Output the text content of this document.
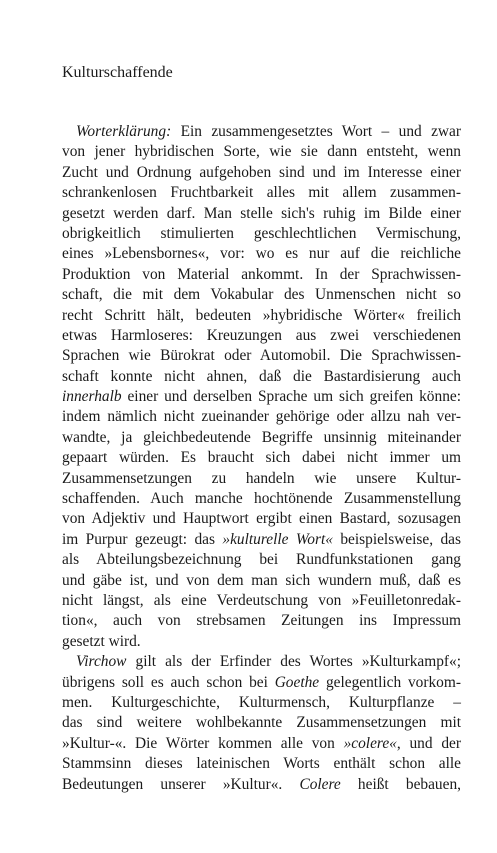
Kulturschaffende

Worterklärung: Ein zusammengesetztes Wort – und zwar
von jener hybridischen Sorte, wie sie dann entsteht, wenn
Zucht und Ordnung aufgehoben sind und im Interesse einer
schrankenlosen Fruchtbarkeit alles mit allem zusammen-
gesetzt werden darf. Man stelle sich's ruhig im Bilde einer
obrigkeitlich stimulierten geschlechtlichen Vermischung,
eines »Lebensbornes«, vor: wo es nur auf die reichliche
Produktion von Material ankommt. In der Sprachwissen-
schaft, die mit dem Vokabular des Unmenschen nicht so
recht Schritt hält, bedeuten »hybridische Wörter« freilich
etwas Harmloseres: Kreuzungen aus zwei verschiedenen
Sprachen wie Bürokrat oder Automobil. Die Sprachwissen-
schaft konnte nicht ahnen, daß die Bastardisierung auch
innerhalb einer und derselben Sprache um sich greifen könne:
indem nämlich nicht zueinander gehörige oder allzu nah ver-
wandte, ja gleichbedeutende Begriffe unsinnig miteinander
gepaart würden. Es braucht sich dabei nicht immer um
Zusammensetzungen zu handeln wie unsere Kultur-
schaffenden. Auch manche hochtönende Zusammenstellung
von Adjektiv und Hauptwort ergibt einen Bastard, sozusagen
im Purpur gezeugt: das »kulturelle Wort« beispielsweise, das
als Abteilungsbezeichnung bei Rundfunkstationen gang
und gäbe ist, und von dem man sich wundern muß, daß es
nicht längst, als eine Verdeutschung von »Feuilletonredak-
tion«, auch von strebsamen Zeitungen ins Impressum
gesetzt wird.
Virchow gilt als der Erfinder des Wortes »Kulturkampf«;
übrigens soll es auch schon bei Goethe gelegentlich vorkom-
men. Kulturgeschichte, Kulturmensch, Kulturpflanze –
das sind weitere wohlbekannte Zusammensetzungen mit
»Kultur-«. Die Wörter kommen alle von »colere«, und der
Stammsinn dieses lateinischen Worts enthält schon alle
Bedeutungen unserer »Kultur«. Colere heißt bebauen,
